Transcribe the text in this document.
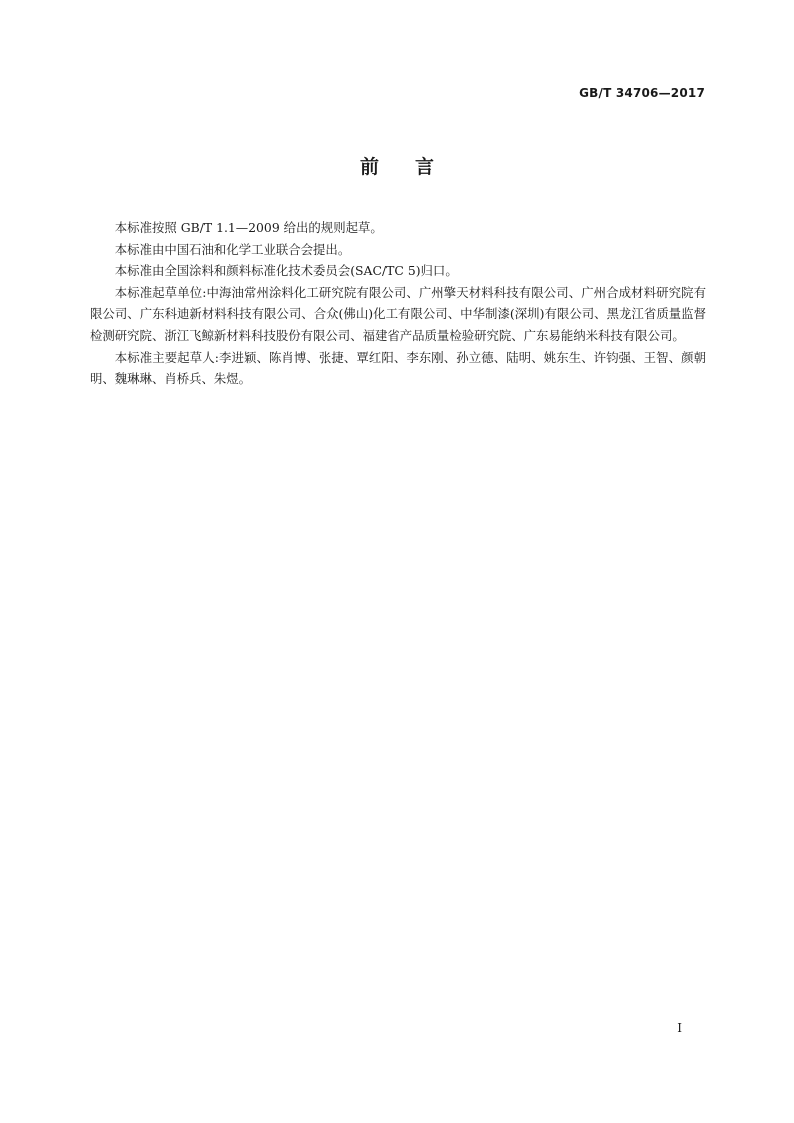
GB/T 34706—2017
前言

本标准按照 GB/T 1.1—2009 给出的规则起草。

本标准由中国石油和化学工业联合会提出。

本标准由全国涂料和颜料标准化技术委员会(SAC/TC 5)归口。

本标准起草单位:中海油常州涂料化工研究院有限公司、广州擎天材料科技有限公司、广州合成材料研究院有限公司、广东科迪新材料科技有限公司、合众(佛山)化工有限公司、中华制漆(深圳)有限公司、黑龙江省质量监督检测研究院、浙江飞鲸新材料科技股份有限公司、福建省产品质量检验研究院、广东易能纳米科技有限公司。

本标准主要起草人:李进颖、陈肖博、张捷、覃红阳、李东刚、孙立德、陆明、姚东生、许钧强、王智、颜朝明、魏琳琳、肖桥兵、朱煜。

I
